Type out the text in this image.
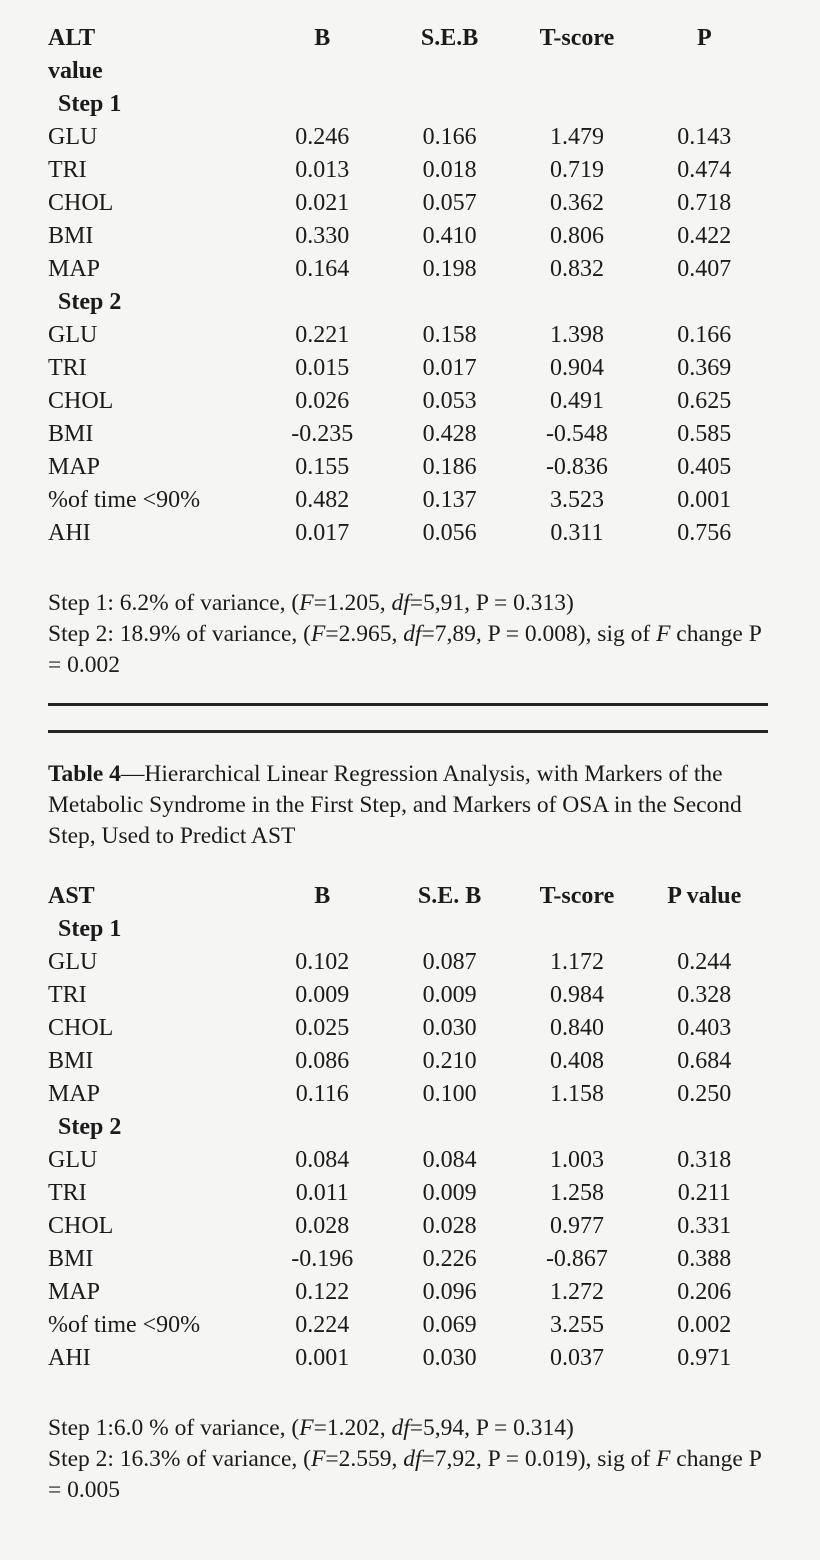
ALT	B	S.E.B	T-score	P
value				
Step 1				
GLU	0.246	0.166	1.479	0.143
TRI	0.013	0.018	0.719	0.474
CHOL	0.021	0.057	0.362	0.718
BMI	0.330	0.410	0.806	0.422
MAP	0.164	0.198	0.832	0.407
Step 2				
GLU	0.221	0.158	1.398	0.166
TRI	0.015	0.017	0.904	0.369
CHOL	0.026	0.053	0.491	0.625
BMI	-0.235	0.428	-0.548	0.585
MAP	0.155	0.186	-0.836	0.405
%of time <90%	0.482	0.137	3.523	0.001
AHI	0.017	0.056	0.311	0.756
Step 1: 6.2% of variance, (F=1.205, df=5,91, P = 0.313)
Step 2: 18.9% of variance, (F=2.965, df=7,89, P = 0.008), sig of F change P = 0.002
Table 4—Hierarchical Linear Regression Analysis, with Markers of the Metabolic Syndrome in the First Step, and Markers of OSA in the Second Step, Used to Predict AST
AST	B	S.E. B	T-score	P value
Step 1				
GLU	0.102	0.087	1.172	0.244
TRI	0.009	0.009	0.984	0.328
CHOL	0.025	0.030	0.840	0.403
BMI	0.086	0.210	0.408	0.684
MAP	0.116	0.100	1.158	0.250
Step 2				
GLU	0.084	0.084	1.003	0.318
TRI	0.011	0.009	1.258	0.211
CHOL	0.028	0.028	0.977	0.331
BMI	-0.196	0.226	-0.867	0.388
MAP	0.122	0.096	1.272	0.206
%of time <90%	0.224	0.069	3.255	0.002
AHI	0.001	0.030	0.037	0.971
Step 1:6.0 % of variance, (F=1.202, df=5,94, P = 0.314)
Step 2: 16.3% of variance, (F=2.559, df=7,92, P = 0.019), sig of F change P = 0.005
